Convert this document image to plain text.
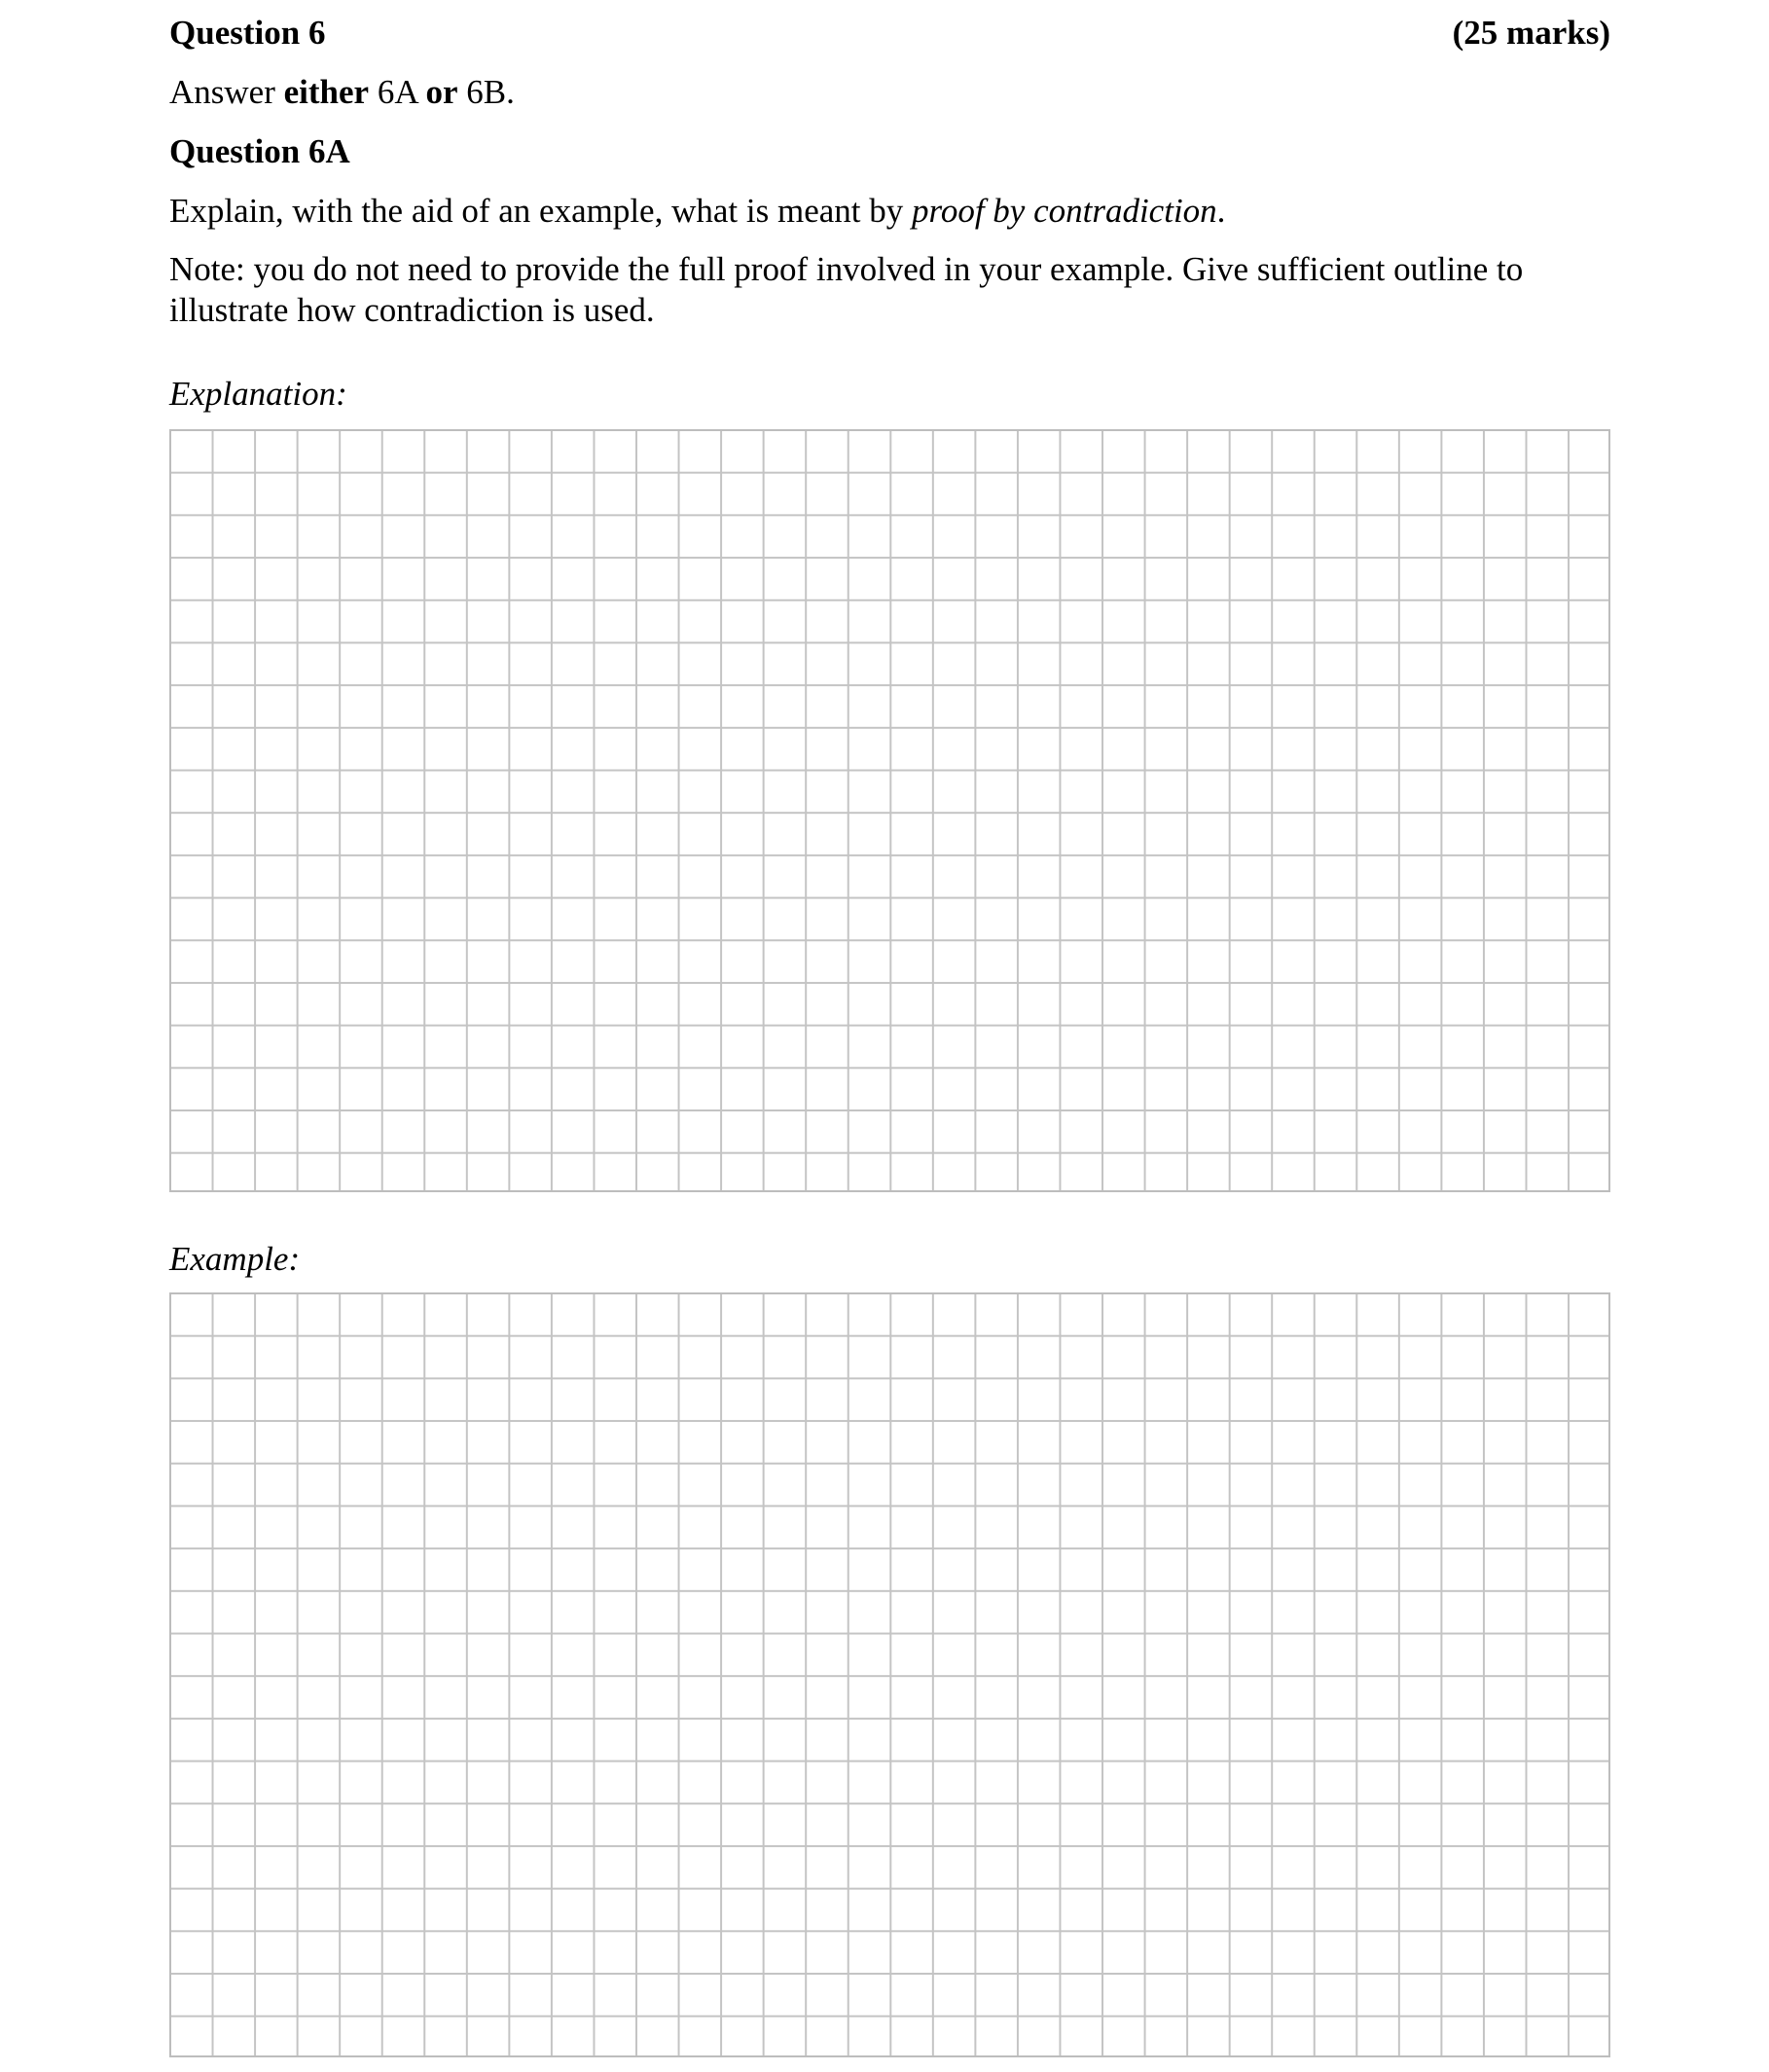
Question 6	(25 marks)
Answer either 6A or 6B.
Question 6A
Explain, with the aid of an example, what is meant by proof by contradiction.
Note: you do not need to provide the full proof involved in your example. Give sufficient outline to illustrate how contradiction is used.
Explanation:
Example:
